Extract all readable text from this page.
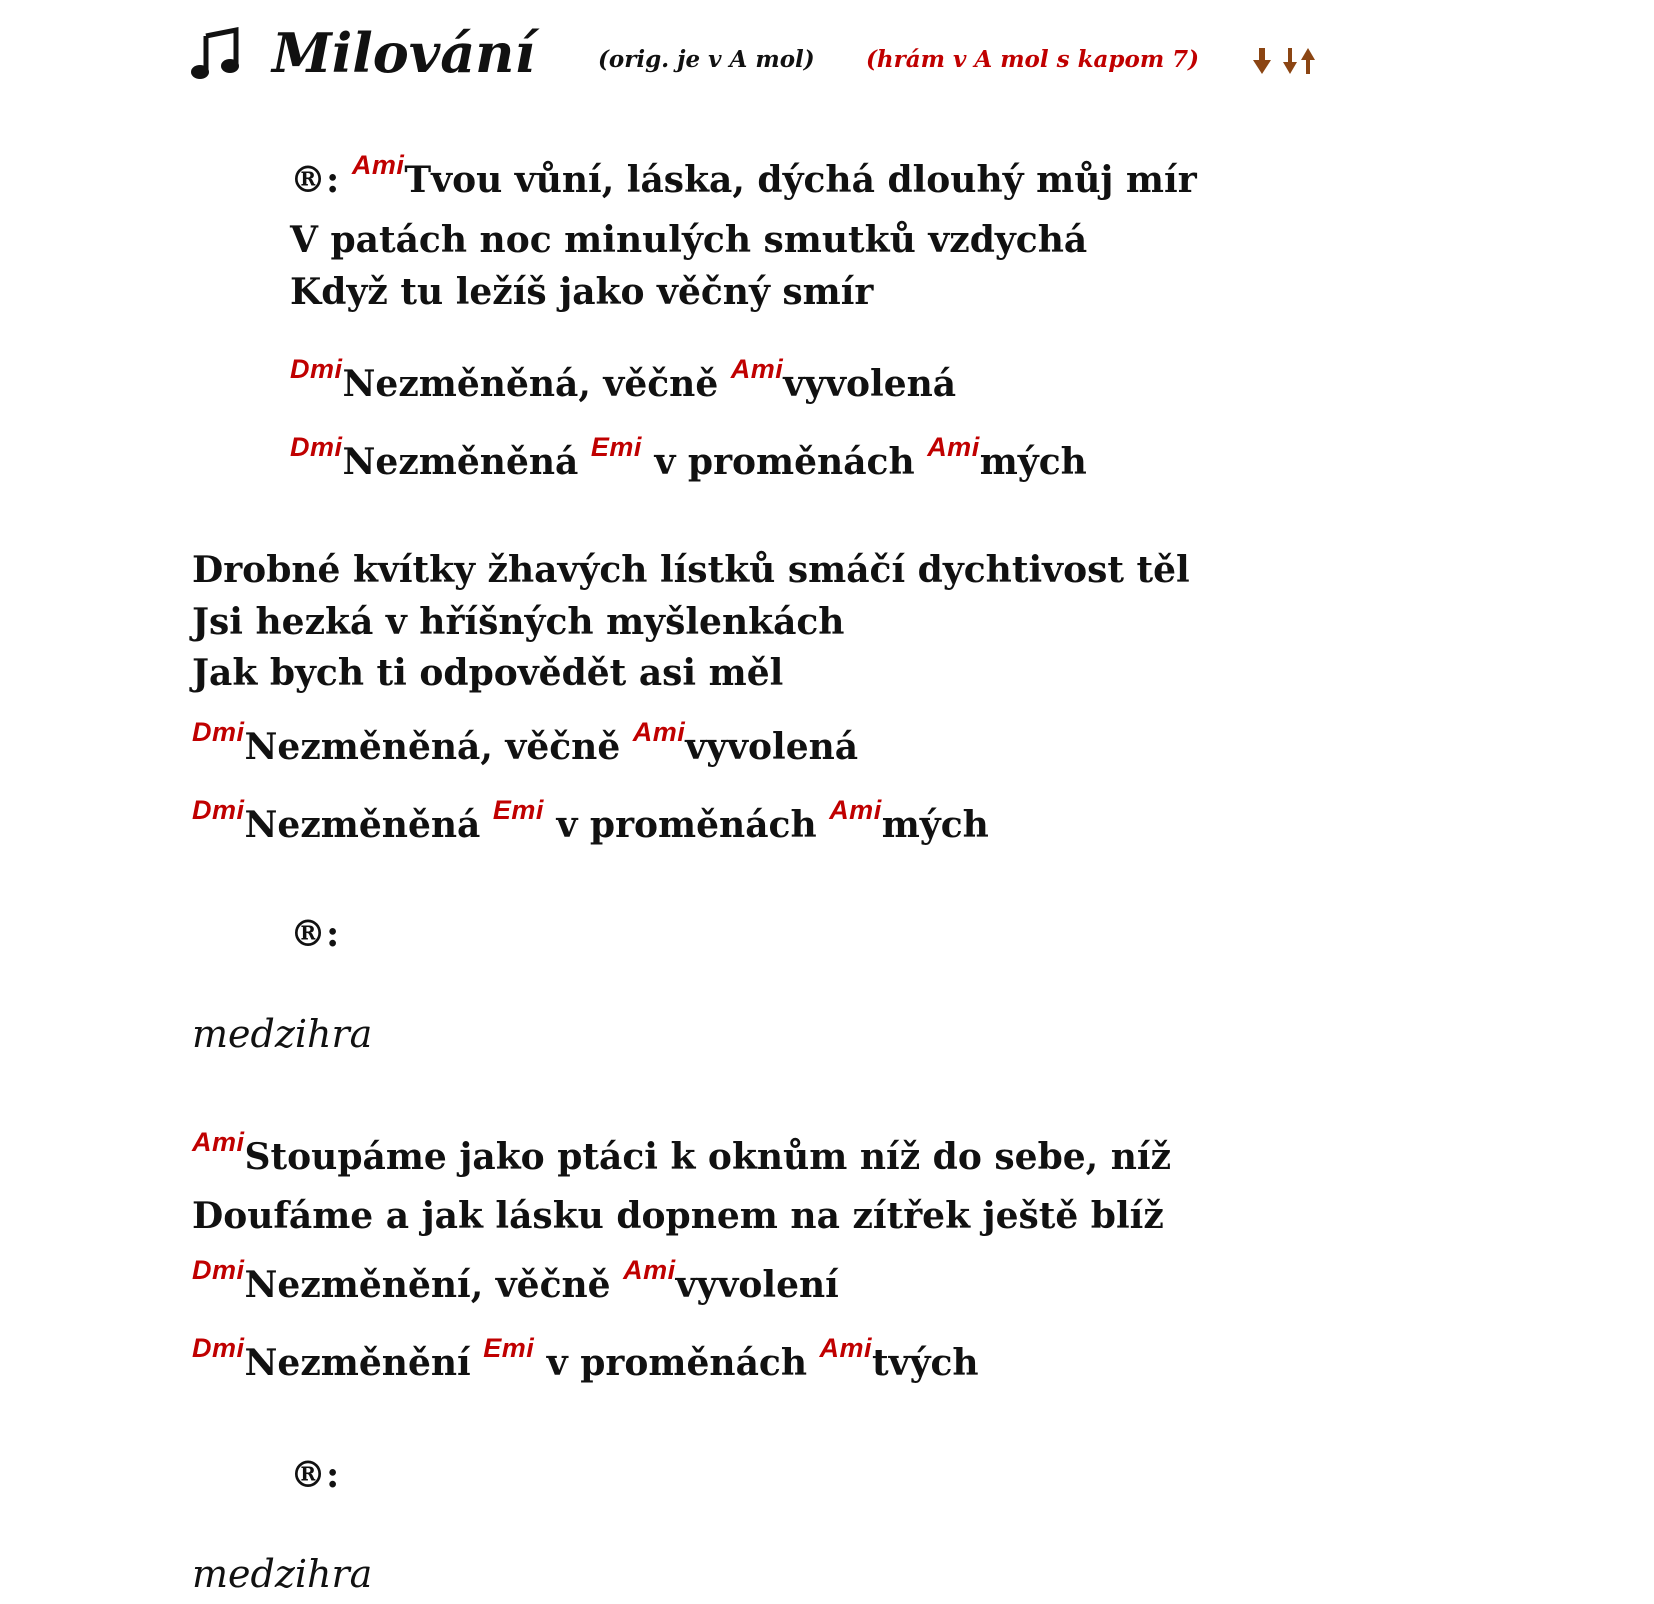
Milování	(orig. je v A mol) (hrám v A mol s kapom 7)
®: $^{Ami}$Tvou vůní, láska, dýchá dlouhý můj mír
V patách noc minulých smutků vzdychá
Když tu ležíš jako věčný smír
$^{Dmi}$Nezměněná, věčně $^{Ami}$vyvolená
$^{Dmi}$Nezměněná $^{Emi}$ v proměnách $^{Ami}$mých
Drobné kvítky žhavých lístků smáčí dychtivost těl
Jsi hezká v hříšných myšlenkách
Jak bych ti odpovědět asi měl
$^{Dmi}$Nezměněná, věčně $^{Ami}$vyvolená
$^{Dmi}$Nezměněná $^{Emi}$ v proměnách $^{Ami}$mých
®:
medzihra
$^{Ami}$Stoupáme jako ptáci k oknům níž do sebe, níž
Doufáme a jak lásku dopnem na zítřek ještě blíž
$^{Dmi}$Nezměnění, věčně $^{Ami}$vyvolení
$^{Dmi}$Nezměnění $^{Emi}$ v proměnách $^{Ami}$tvých
®:
medzihra
